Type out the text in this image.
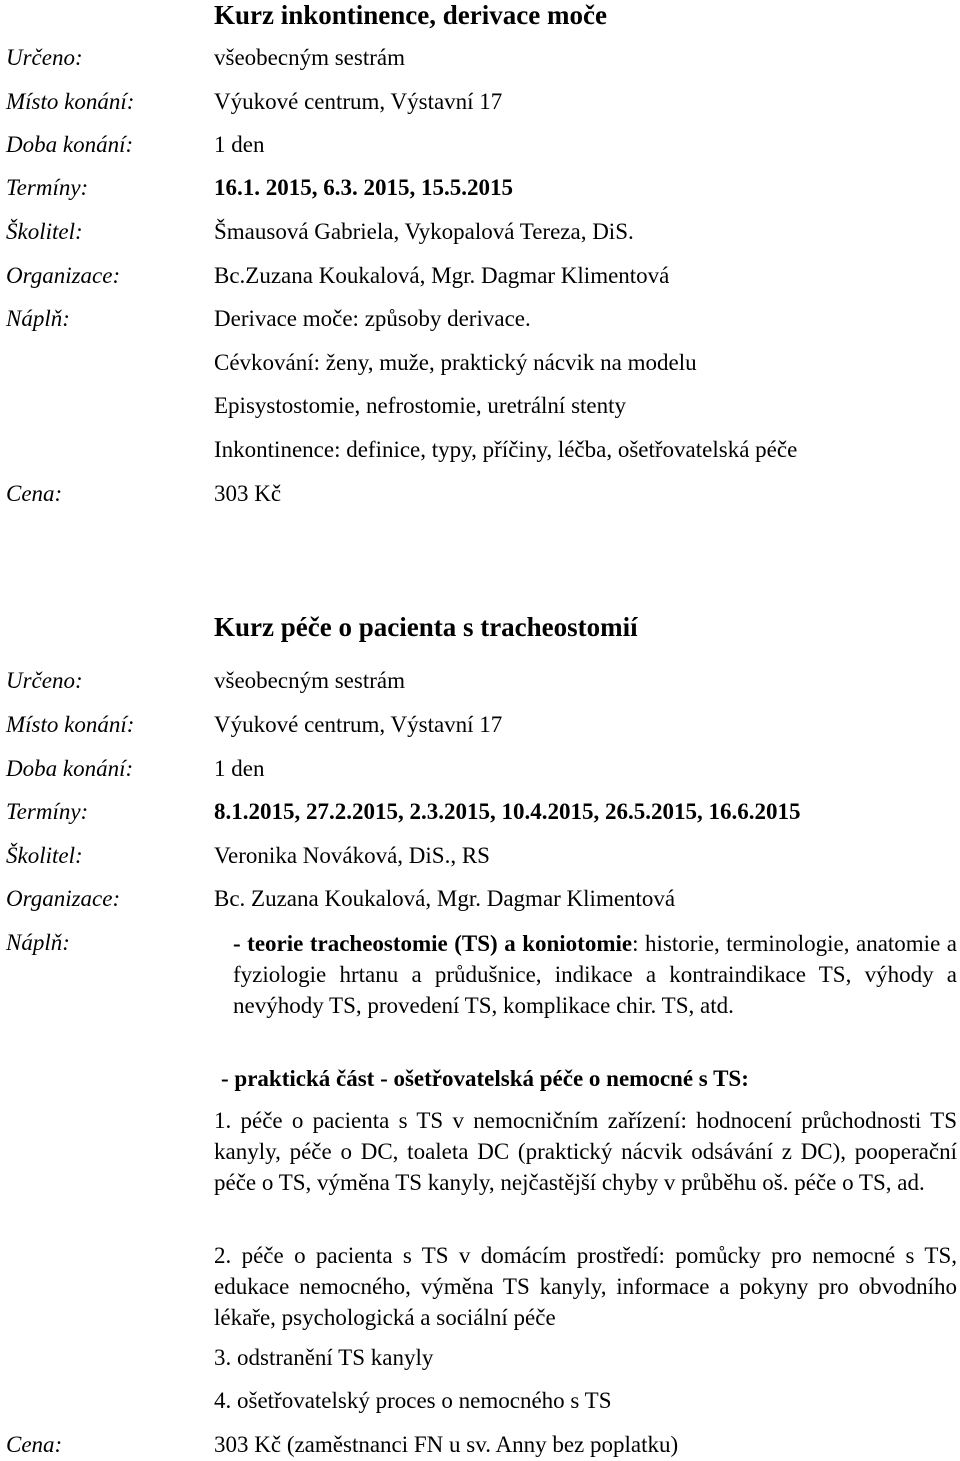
Kurz inkontinence, derivace moče
Určeno:	všeobecným sestrám
Místo konání:	Výukové centrum, Výstavní 17
Doba konání:	1 den
Termíny:	16.1. 2015, 6.3. 2015, 15.5.2015
Školitel:	Šmausová Gabriela, Vykopalová Tereza, DiS.
Organizace:	Bc.Zuzana Koukalová, Mgr. Dagmar Klimentová
Náplň:	Derivace moče: způsoby derivace.
Cévkování: ženy, muže, praktický nácvik na modelu
Episystostomie, nefrostomie, uretrální stenty
Inkontinence: definice, typy, příčiny, léčba, ošetřovatelská péče
Cena:	303 Kč
Kurz péče o pacienta s tracheostomií
Určeno:	všeobecným sestrám
Místo konání:	Výukové centrum, Výstavní 17
Doba konání:	1 den
Termíny:	8.1.2015, 27.2.2015, 2.3.2015, 10.4.2015, 26.5.2015, 16.6.2015
Školitel:	Veronika Nováková, DiS., RS
Organizace:	Bc. Zuzana Koukalová, Mgr. Dagmar Klimentová
Náplň:	- teorie tracheostomie (TS) a koniotomie: historie, terminologie, anatomie a fyziologie hrtanu a průdušnice, indikace a kontraindikace TS, výhody a nevýhody TS, provedení TS, komplikace chir. TS, atd.
- praktická část - ošetřovatelská péče o nemocné s TS:
1. péče o pacienta s TS v nemocničním zařízení: hodnocení průchodnosti TS kanyly, péče o DC, toaleta DC (praktický nácvik odsávání z DC), pooperační péče o TS, výměna TS kanyly, nejčastější chyby v průběhu oš. péče o TS, ad.
2. péče o pacienta s TS v domácím prostředí: pomůcky pro nemocné s TS, edukace nemocného, výměna TS kanyly, informace a pokyny pro obvodního lékaře, psychologická a sociální péče
3. odstranění TS kanyly
4. ošetřovatelský proces o nemocného s TS
Cena:	303 Kč (zaměstnanci FN u sv. Anny bez poplatku)
